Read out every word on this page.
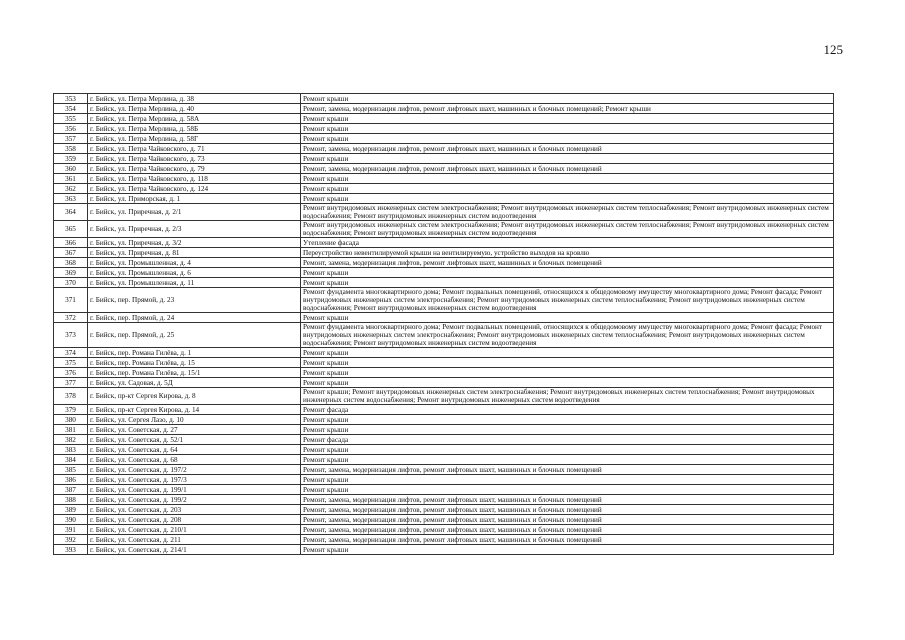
125
353	г. Бийск, ул. Петра Мерлина, д. 38	Ремонт крыши
354	г. Бийск, ул. Петра Мерлина, д. 40	Ремонт, замена, модернизация лифтов, ремонт лифтовых шахт, машинных и блочных помещений; Ремонт крыши
355	г. Бийск, ул. Петра Мерлина, д. 58А	Ремонт крыши
356	г. Бийск, ул. Петра Мерлина, д. 58Б	Ремонт крыши
357	г. Бийск, ул. Петра Мерлина, д. 58Г	Ремонт крыши
358	г. Бийск, ул. Петра Чайковского, д. 71	Ремонт, замена, модернизация лифтов, ремонт лифтовых шахт, машинных и блочных помещений
359	г. Бийск, ул. Петра Чайковского, д. 73	Ремонт крыши
360	г. Бийск, ул. Петра Чайковского, д. 79	Ремонт, замена, модернизация лифтов, ремонт лифтовых шахт, машинных и блочных помещений
361	г. Бийск, ул. Петра Чайковского, д. 118	Ремонт крыши
362	г. Бийск, ул. Петра Чайковского, д. 124	Ремонт крыши
363	г. Бийск, ул. Приморская, д. 1	Ремонт крыши
364	г. Бийск, ул. Приречная, д. 2/1	Ремонт внутридомовых инженерных систем электроснабжения; Ремонт внутридомовых инженерных систем теплоснабжения; Ремонт внутридомовых инженерных систем водоснабжения; Ремонт внутридомовых инженерных систем водоотведения
365	г. Бийск, ул. Приречная, д. 2/3	Ремонт внутридомовых инженерных систем электроснабжения; Ремонт внутридомовых инженерных систем теплоснабжения; Ремонт внутридомовых инженерных систем водоснабжения; Ремонт внутридомовых инженерных систем водоотведения
366	г. Бийск, ул. Приречная, д. 3/2	Утепление фасада
367	г. Бийск, ул. Приречная, д. 81	Переустройство невентилируемой крыши на вентилируемую, устройство выходов на кровлю
368	г. Бийск, ул. Промышленная, д. 4	Ремонт, замена, модернизация лифтов, ремонт лифтовых шахт, машинных и блочных помещений
369	г. Бийск, ул. Промышленная, д. 6	Ремонт крыши
370	г. Бийск, ул. Промышленная, д. 11	Ремонт крыши
371	г. Бийск, пер. Прямой, д. 23	Ремонт фундамента многоквартирного дома; Ремонт подвальных помещений, относящихся к общедомовому имуществу многоквартирного дома; Ремонт фасада; Ремонт внутридомовых инженерных систем электроснабжения; Ремонт внутридомовых инженерных систем теплоснабжения; Ремонт внутридомовых инженерных систем водоснабжения; Ремонт внутридомовых инженерных систем водоотведения
372	г. Бийск, пер. Прямой, д. 24	Ремонт крыши
373	г. Бийск, пер. Прямой, д. 25	Ремонт фундамента многоквартирного дома; Ремонт подвальных помещений, относящихся к общедомовому имуществу многоквартирного дома; Ремонт фасада; Ремонт внутридомовых инженерных систем электроснабжения; Ремонт внутридомовых инженерных систем теплоснабжения; Ремонт внутридомовых инженерных систем водоснабжения; Ремонт внутридомовых инженерных систем водоотведения
374	г. Бийск, пер. Романа Гилёва, д. 1	Ремонт крыши
375	г. Бийск, пер. Романа Гилёва, д. 15	Ремонт крыши
376	г. Бийск, пер. Романа Гилёва, д. 15/1	Ремонт крыши
377	г. Бийск, ул. Садовая, д. 5Д	Ремонт крыши
378	г. Бийск, пр-кт Сергея Кирова, д. 8	Ремонт крыши; Ремонт внутридомовых инженерных систем электроснабжения; Ремонт внутридомовых инженерных систем теплоснабжения; Ремонт внутридомовых инженерных систем водоснабжения; Ремонт внутридомовых инженерных систем водоотведения
379	г. Бийск, пр-кт Сергея Кирова, д. 14	Ремонт фасада
380	г. Бийск, ул. Сергея Лазо, д. 10	Ремонт крыши
381	г. Бийск, ул. Советская, д. 27	Ремонт крыши
382	г. Бийск, ул. Советская, д. 52/1	Ремонт фасада
383	г. Бийск, ул. Советская, д. 64	Ремонт крыши
384	г. Бийск, ул. Советская, д. 68	Ремонт крыши
385	г. Бийск, ул. Советская, д. 197/2	Ремонт, замена, модернизация лифтов, ремонт лифтовых шахт, машинных и блочных помещений
386	г. Бийск, ул. Советская, д. 197/3	Ремонт крыши
387	г. Бийск, ул. Советская, д. 199/1	Ремонт крыши
388	г. Бийск, ул. Советская, д. 199/2	Ремонт, замена, модернизация лифтов, ремонт лифтовых шахт, машинных и блочных помещений
389	г. Бийск, ул. Советская, д. 203	Ремонт, замена, модернизация лифтов, ремонт лифтовых шахт, машинных и блочных помещений
390	г. Бийск, ул. Советская, д. 208	Ремонт, замена, модернизация лифтов, ремонт лифтовых шахт, машинных и блочных помещений
391	г. Бийск, ул. Советская, д. 210/1	Ремонт, замена, модернизация лифтов, ремонт лифтовых шахт, машинных и блочных помещений
392	г. Бийск, ул. Советская, д. 211	Ремонт, замена, модернизация лифтов, ремонт лифтовых шахт, машинных и блочных помещений
393	г. Бийск, ул. Советская, д. 214/1	Ремонт крыши
